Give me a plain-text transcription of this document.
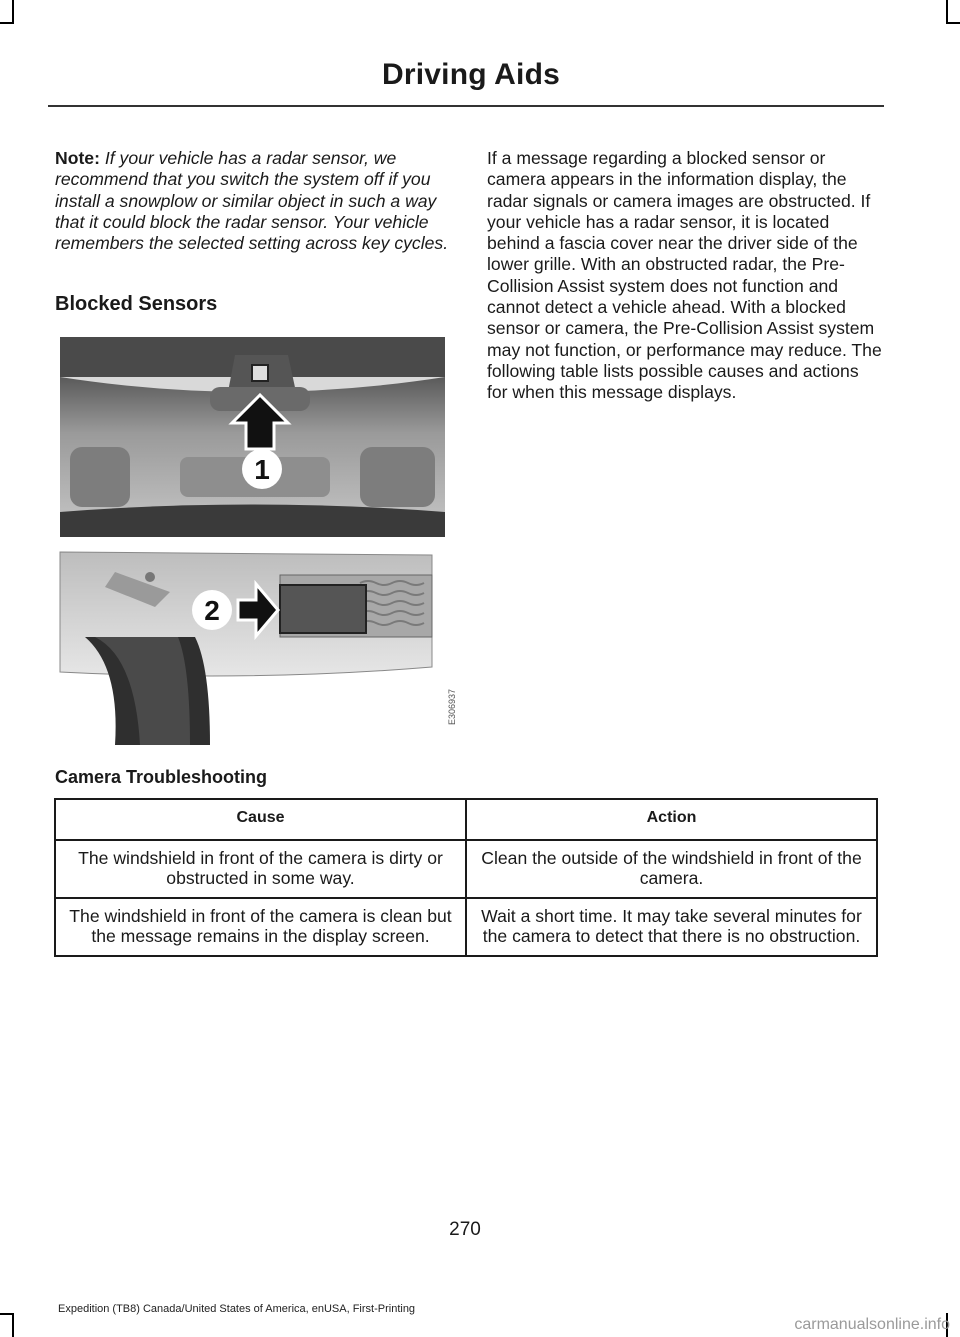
Driving Aids

Note: If your vehicle has a radar sensor, we recommend that you switch the system off if you install a snowplow or similar object in such a way that it could block the radar sensor. Your vehicle remembers the selected setting across key cycles.

Blocked Sensors
1
2
E306937

If a message regarding a blocked sensor or camera appears in the information display, the radar signals or camera images are obstructed. If your vehicle has a radar sensor, it is located behind a fascia cover near the driver side of the lower grille. With an obstructed radar, the Pre-Collision Assist system does not function and cannot detect a vehicle ahead. With a blocked sensor or camera, the Pre-Collision Assist system may not function, or performance may reduce. The following table lists possible causes and actions for when this message displays.

Camera Troubleshooting
Cause	Action
The windshield in front of the camera is dirty or obstructed in some way.	Clean the outside of the windshield in front of the camera.
The windshield in front of the camera is clean but the message remains in the display screen.	Wait a short time. It may take several minutes for the camera to detect that there is no obstruction.
270
Expedition (TB8) Canada/United States of America, enUSA, First-Printing
carmanualsonline.info
